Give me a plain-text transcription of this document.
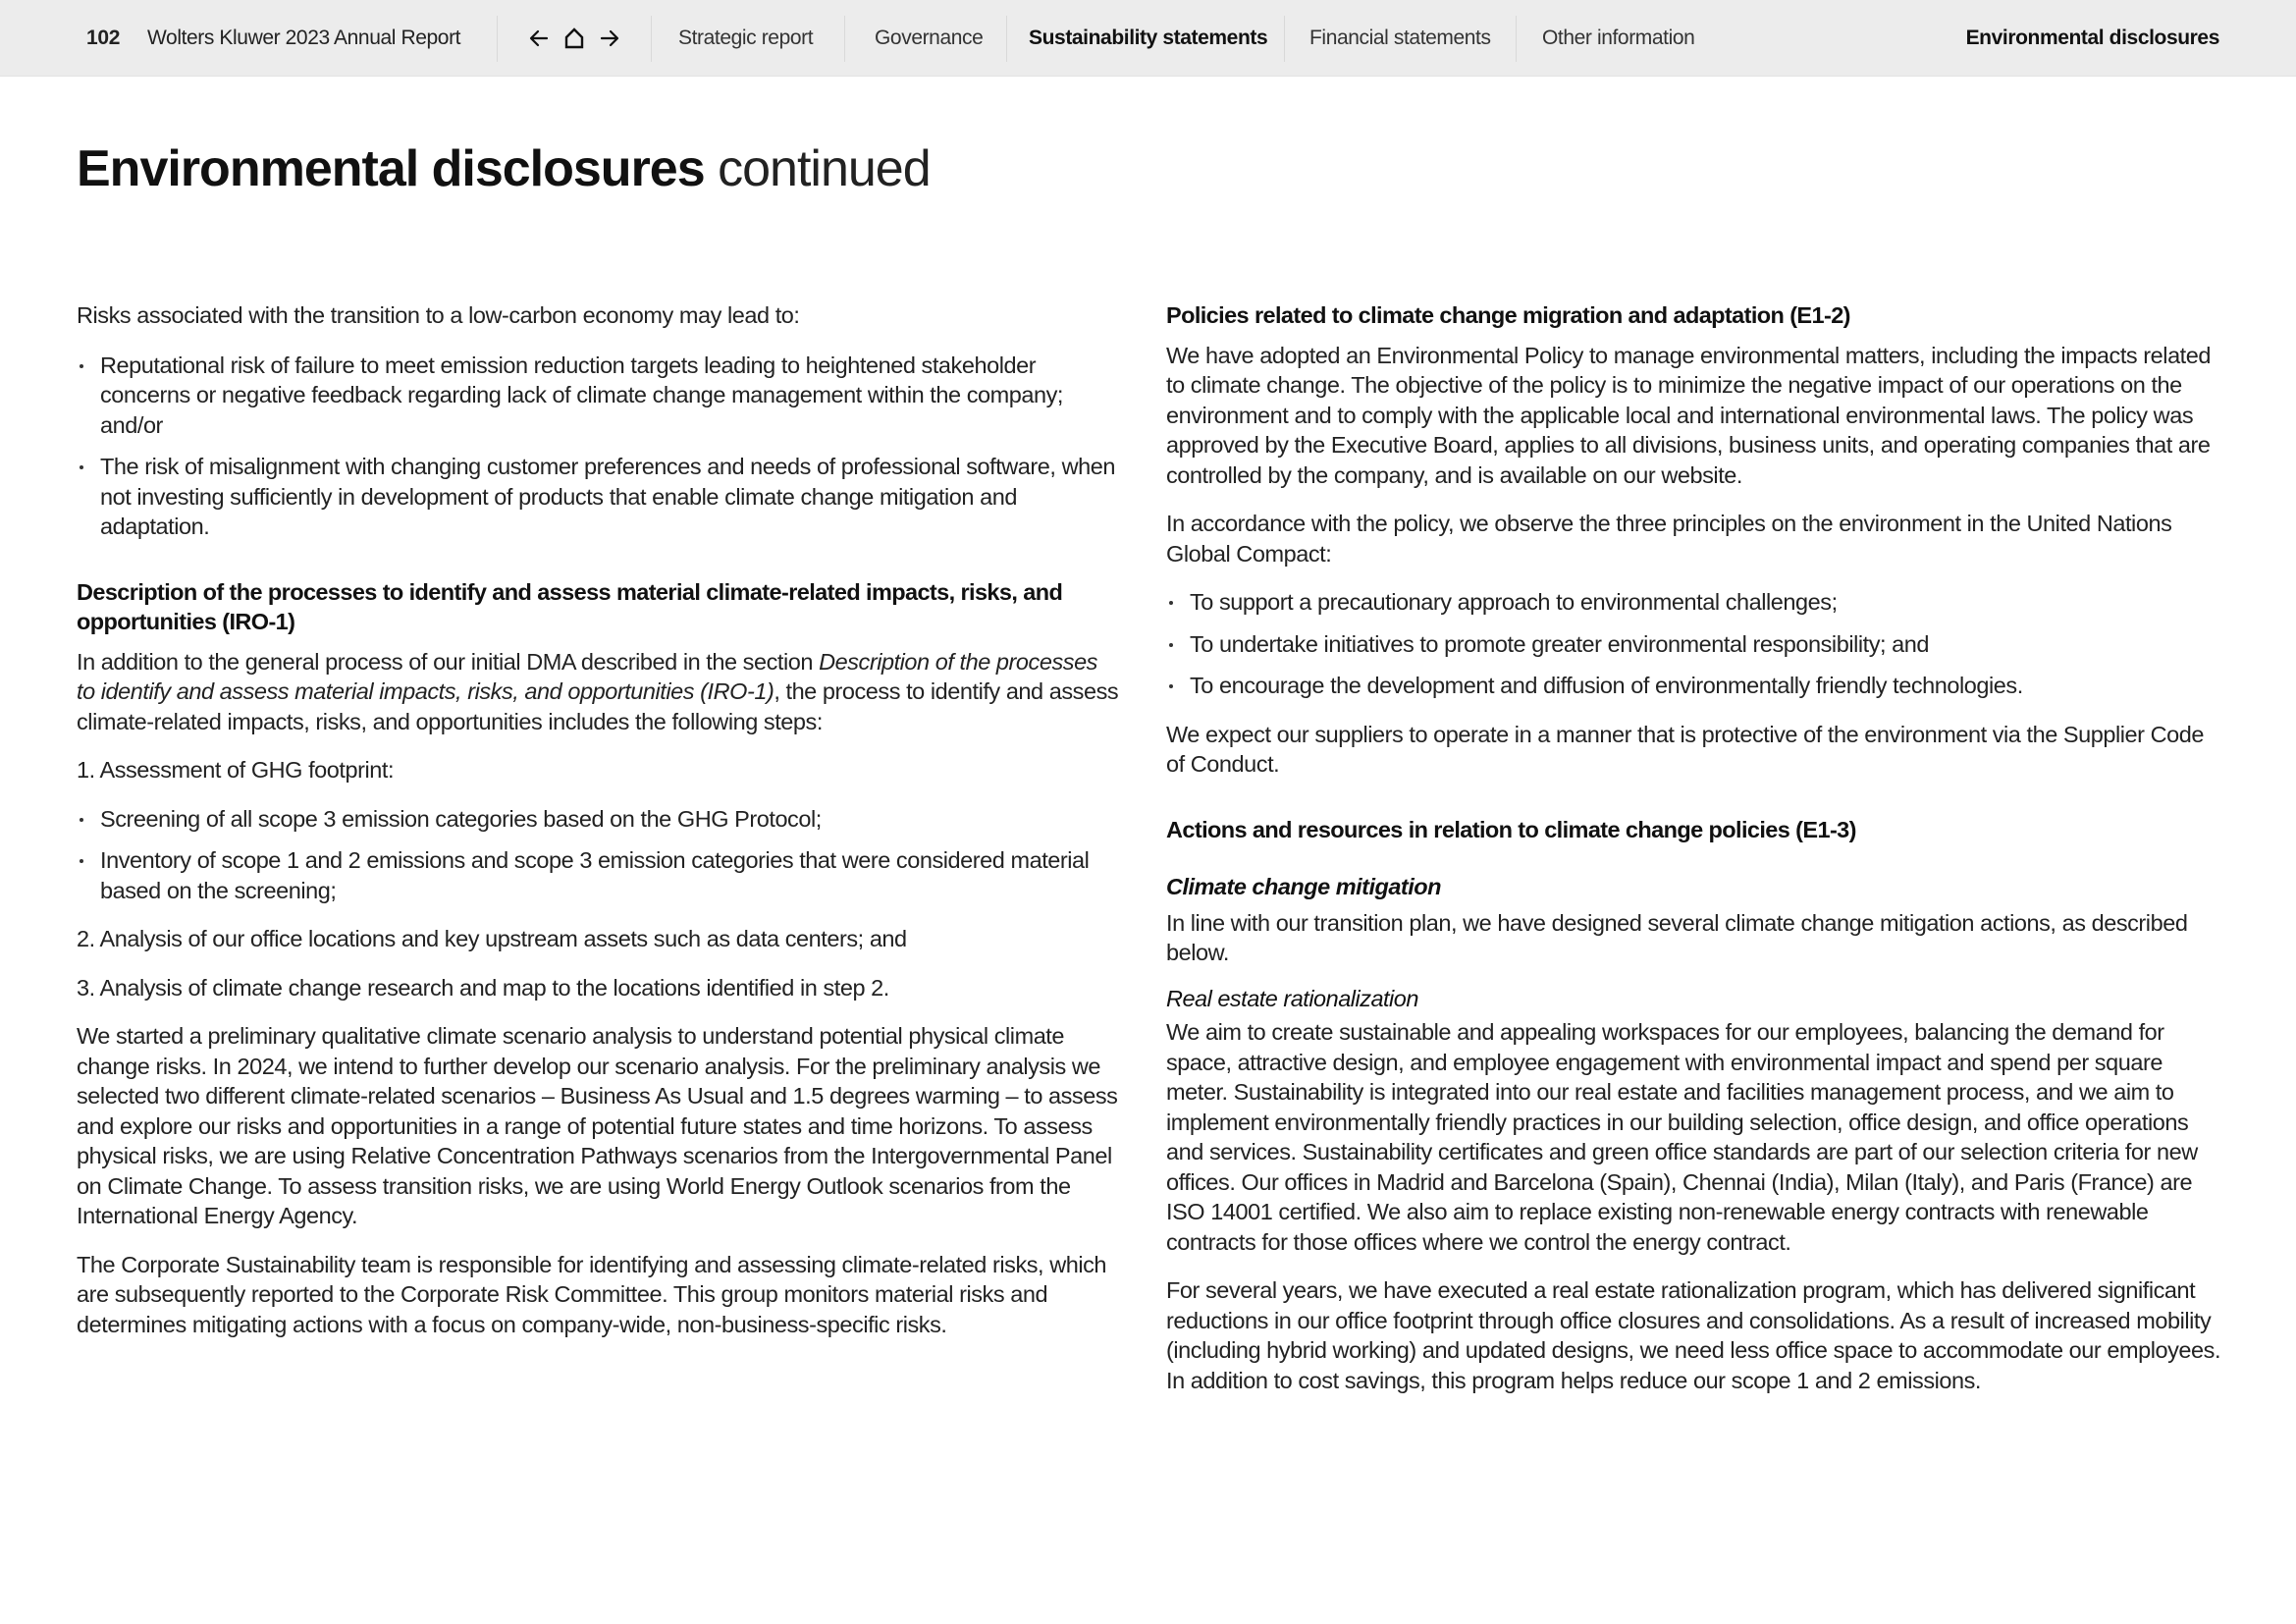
102 Wolters Kluwer 2023 Annual Report	Strategic report	Governance Sustainability statements Financial statements Other information	Environmental disclosures
Environmental disclosures continued

Risks associated with the transition to a low-carbon economy may lead to:

Reputational risk of failure to meet emission reduction targets leading to heightened stakeholder concerns or negative feedback regarding lack of climate change management within the company; and/or
The risk of misalignment with changing customer preferences and needs of professional software, when not investing sufficiently in development of products that enable climate change mitigation and adaptation.
Description of the processes to identify and assess material climate-related impacts, risks, and opportunities (IRO-1)

In addition to the general process of our initial DMA described in the section Description of the processes to identify and assess material impacts, risks, and opportunities (IRO-1), the process to identify and assess climate-related impacts, risks, and opportunities includes the following steps:

1. Assessment of GHG footprint:

Screening of all scope 3 emission categories based on the GHG Protocol;
Inventory of scope 1 and 2 emissions and scope 3 emission categories that were considered material based on the screening;

2. Analysis of our office locations and key upstream assets such as data centers; and

3. Analysis of climate change research and map to the locations identified in step 2.

We started a preliminary qualitative climate scenario analysis to understand potential physical climate change risks. In 2024, we intend to further develop our scenario analysis. For the preliminary analysis we selected two different climate-related scenarios – Business As Usual and 1.5 degrees warming – to assess and explore our risks and opportunities in a range of potential future states and time horizons. To assess physical risks, we are using Relative Concentration Pathways scenarios from the Intergovernmental Panel on Climate Change. To assess transition risks, we are using World Energy Outlook scenarios from the International Energy Agency.

The Corporate Sustainability team is responsible for identifying and assessing climate-related risks, which are subsequently reported to the Corporate Risk Committee. This group monitors material risks and determines mitigating actions with a focus on company-wide, non-business-specific risks.

Policies related to climate change migration and adaptation (E1-2)

We have adopted an Environmental Policy to manage environmental matters, including the impacts related to climate change. The objective of the policy is to minimize the negative impact of our operations on the environment and to comply with the applicable local and international environmental laws. The policy was approved by the Executive Board, applies to all divisions, business units, and operating companies that are controlled by the company, and is available on our website.

In accordance with the policy, we observe the three principles on the environment in the United Nations Global Compact:

To support a precautionary approach to environmental challenges;
To undertake initiatives to promote greater environmental responsibility; and
To encourage the development and diffusion of environmentally friendly technologies.

We expect our suppliers to operate in a manner that is protective of the environment via the Supplier Code of Conduct.

Actions and resources in relation to climate change policies (E1-3)
Climate change mitigation

In line with our transition plan, we have designed several climate change mitigation actions, as described below.

Real estate rationalization

We aim to create sustainable and appealing workspaces for our employees, balancing the demand for space, attractive design, and employee engagement with environmental impact and spend per square meter. Sustainability is integrated into our real estate and facilities management process, and we aim to implement environmentally friendly practices in our building selection, office design, and office operations and services. Sustainability certificates and green office standards are part of our selection criteria for new offices. Our offices in Madrid and Barcelona (Spain), Chennai (India), Milan (Italy), and Paris (France) are ISO 14001 certified. We also aim to replace existing non-renewable energy contracts with renewable contracts for those offices where we control the energy contract.

For several years, we have executed a real estate rationalization program, which has delivered significant reductions in our office footprint through office closures and consolidations. As a result of increased mobility (including hybrid working) and updated designs, we need less office space to accommodate our employees. In addition to cost savings, this program helps reduce our scope 1 and 2 emissions.
